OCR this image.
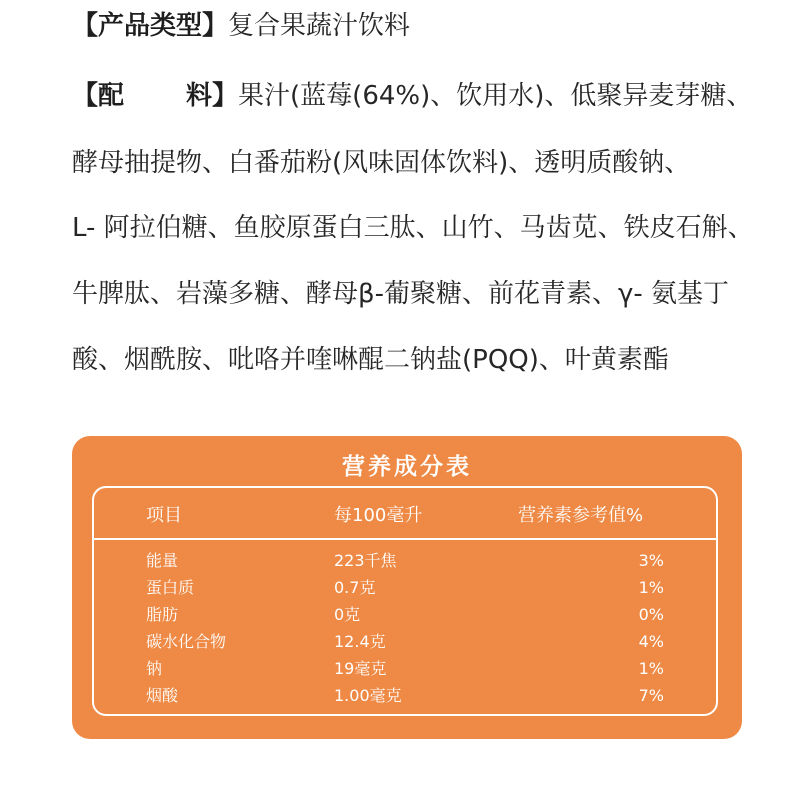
【产品类型】复合果蔬汁饮料
【配 料】果汁(蓝莓(64%)、饮用水)、低聚异麦芽糖、
酵母抽提物、白番茄粉(风味固体饮料)、透明质酸钠、
L- 阿拉伯糖、鱼胶原蛋白三肽、山竹、马齿苋、铁皮石斛、
牛脾肽、岩藻多糖、酵母β-葡聚糖、前花青素、γ- 氨基丁
酸、烟酰胺、吡咯并喹啉醌二钠盐(PQQ)、叶黄素酯
营养成分表
项目	每100毫升	营养素参考值%
能量	223千焦	3%
蛋白质	0.7克	1%
脂肪	0克	0%
碳水化合物	12.4克	4%
钠	19毫克	1%
烟酸	1.00毫克	7%
